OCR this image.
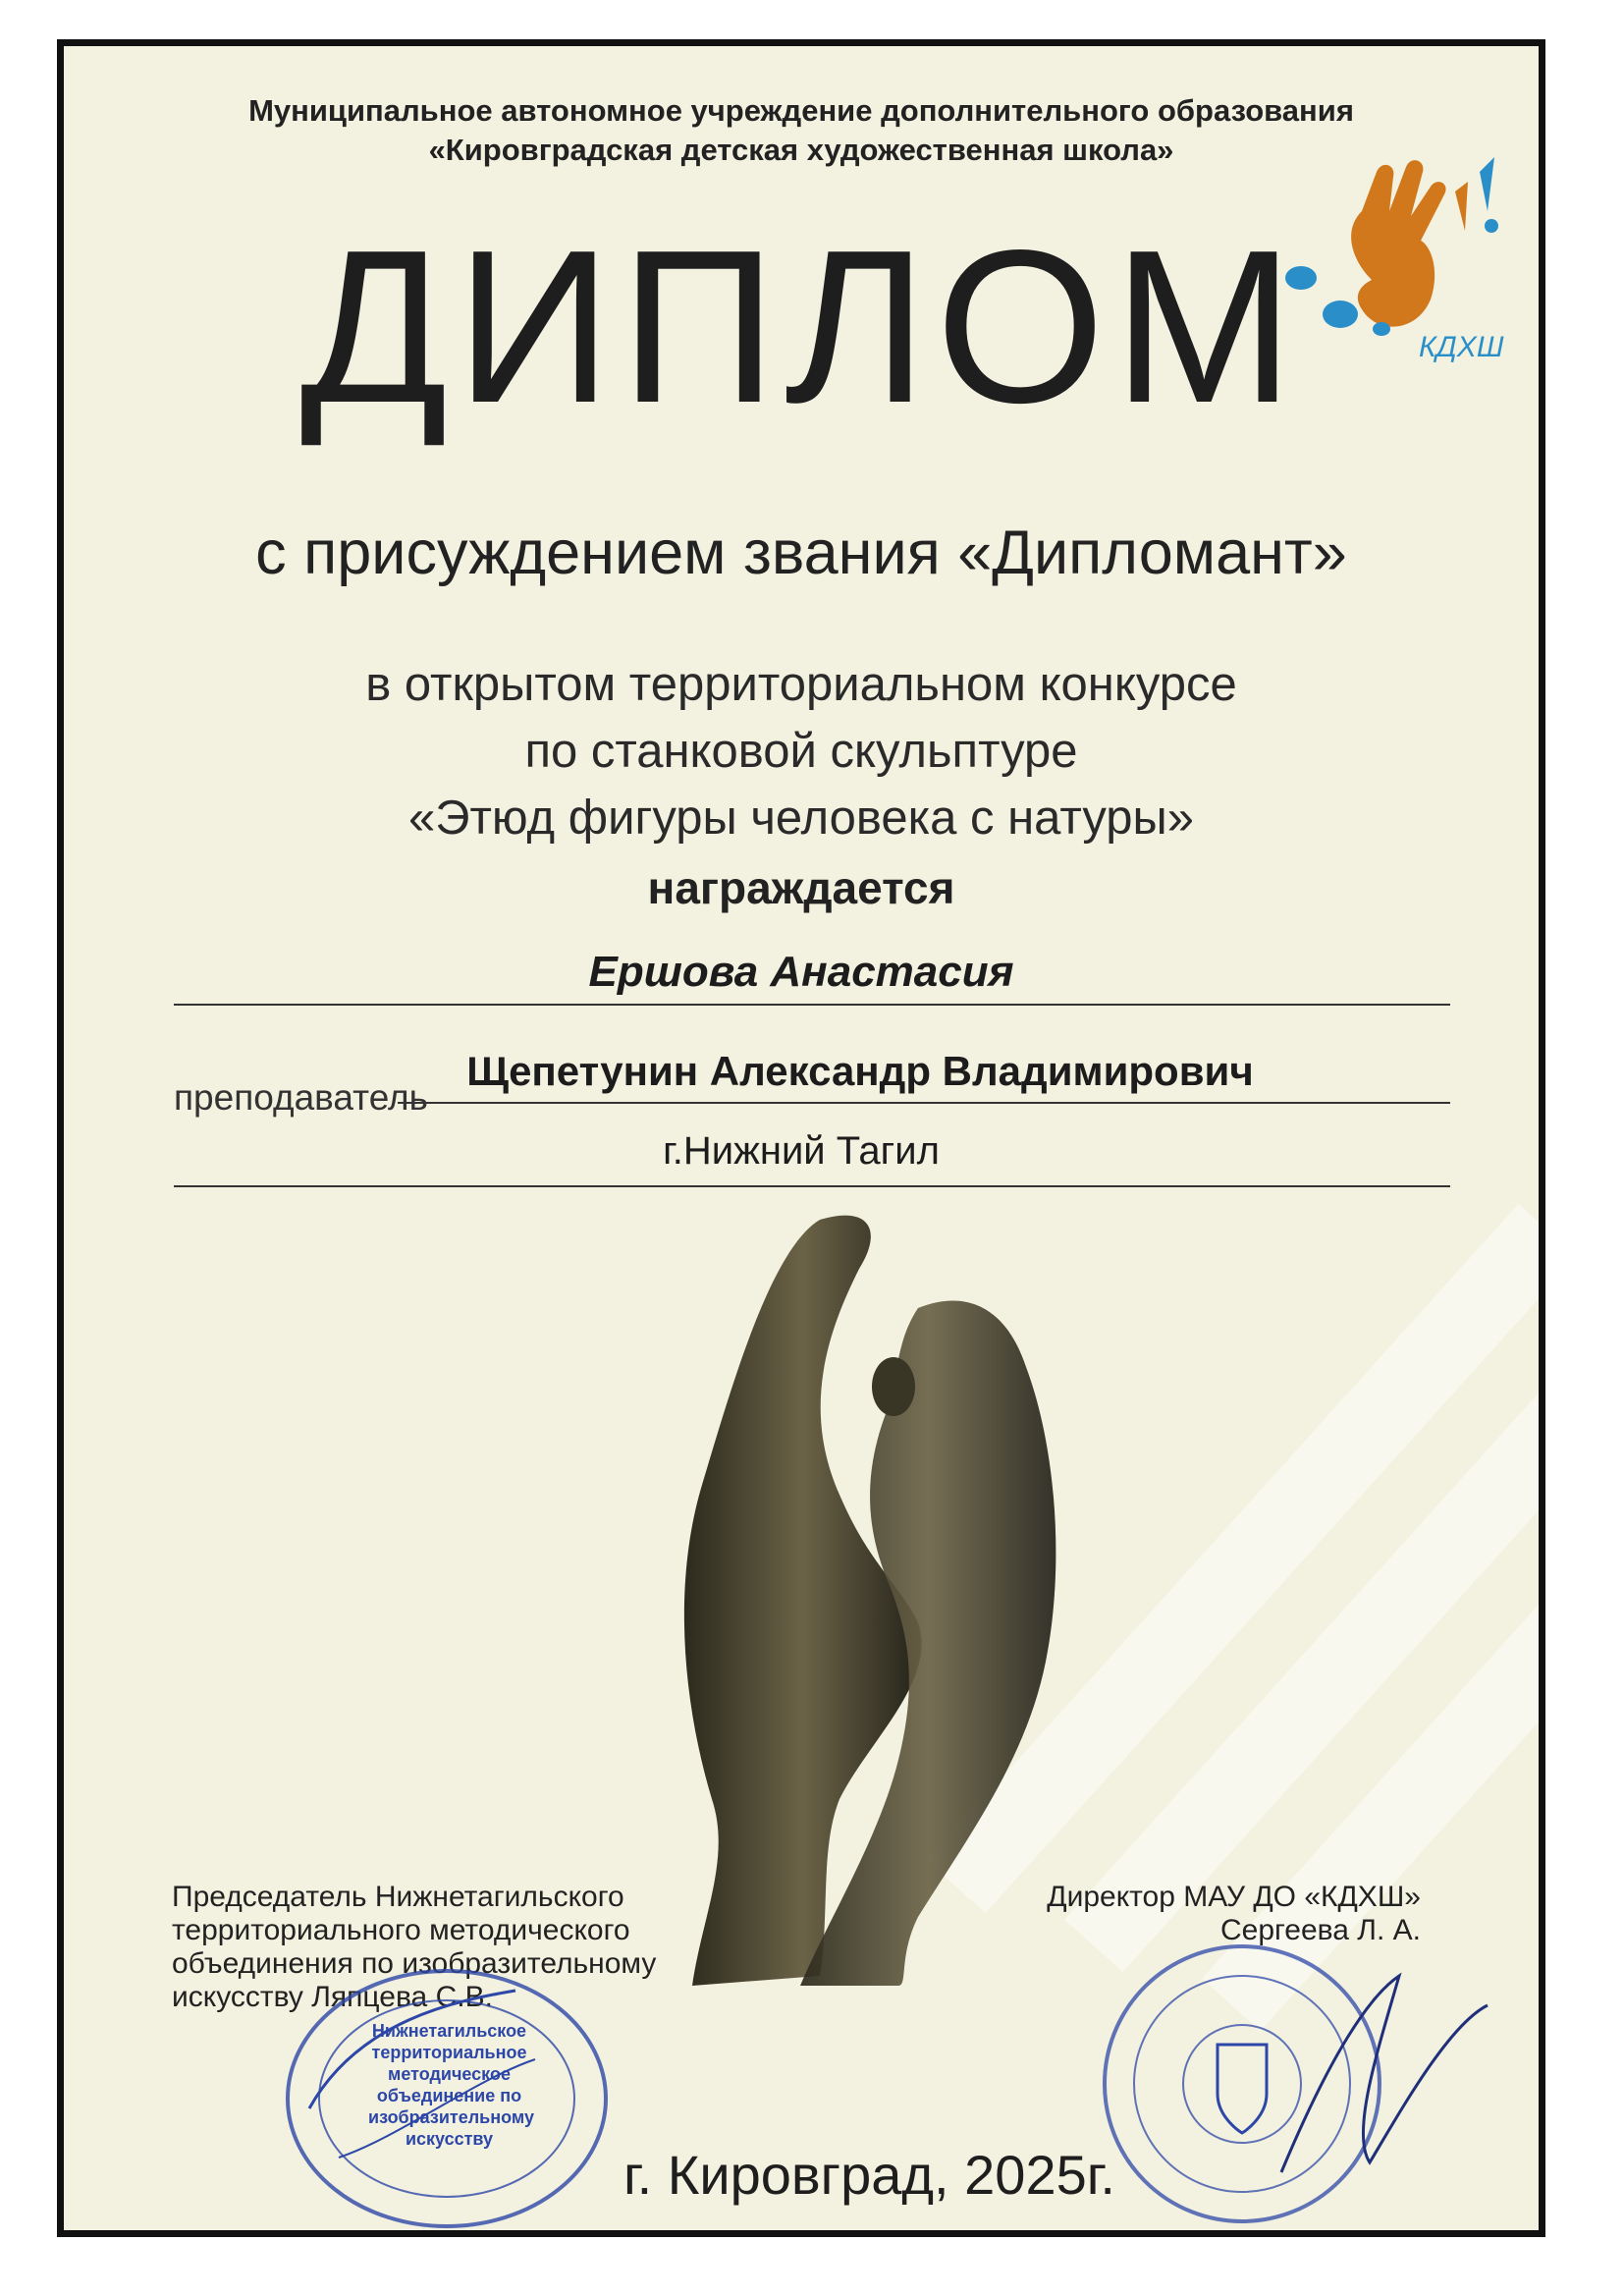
Муниципальное автономное учреждение дополнительного образования
«Кировградская детская художественная школа»
КДХШ
ДИПЛОМ
с присуждением звания «Дипломант»
в открытом территориальном конкурсе
по станковой скульптуре
«Этюд фигуры человека с натуры»
награждается
Ершова Анастасия
преподаватель
Щепетунин Александр Владимирович
г.Нижний Тагил
Председатель Нижнетагильского
территориального методического
объединения по изобразительному
искусству Ляпцева С.В.
Директор МАУ ДО «КДХШ»
Сергеева Л. А.
Нижнетагильское
территориальное
методическое
объединение по
изобразительному
искусству
г. Кировград, 2025г.
